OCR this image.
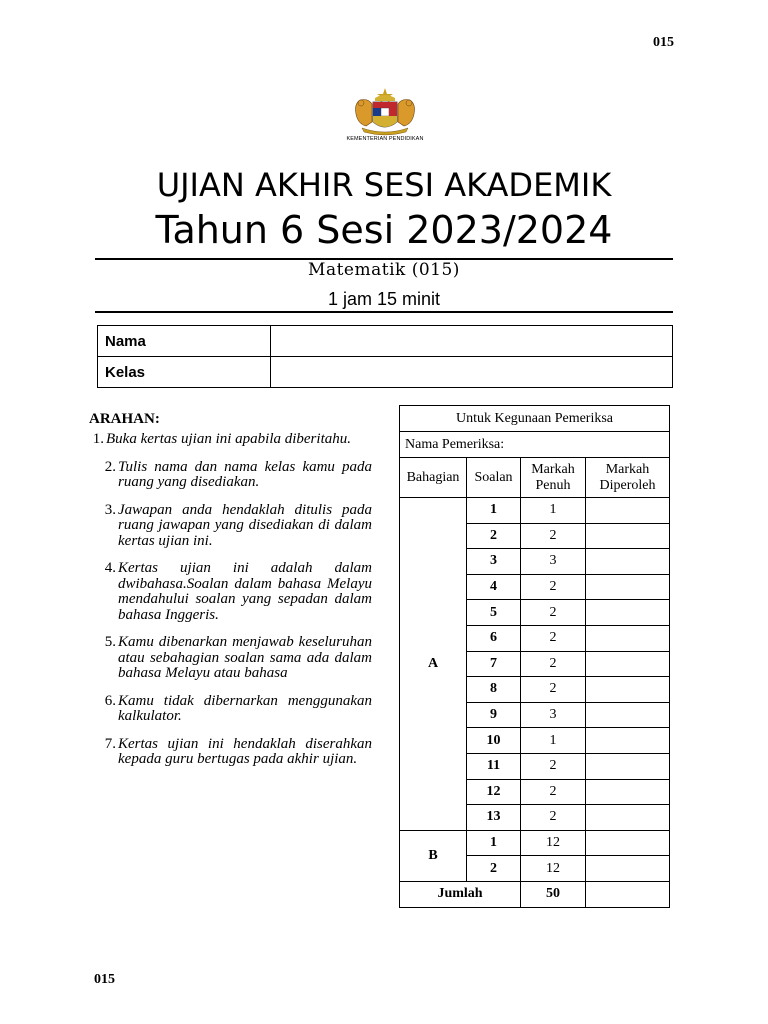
015
KEMENTERIAN PENDIDIKAN
UJIAN AKHIR SESI AKADEMIK
Tahun 6 Sesi 2023/2024
Matematik (015)
1 jam 15 minit
Nama	
Kelas	
ARAHAN:
1. Buka kertas ujian ini apabila diberitahu.
2. Tulis nama dan nama kelas kamu pada ruang yang disediakan.
3. Jawapan anda hendaklah ditulis pada ruang jawapan yang disediakan di dalam kertas ujian ini.
4. Kertas ujian ini adalah dalam dwibahasa.Soalan dalam bahasa Melayu mendahului soalan yang sepadan dalam bahasa Inggeris.
5. Kamu dibenarkan menjawab keseluruhan atau sebahagian soalan sama ada dalam bahasa Melayu atau bahasa
6. Kamu tidak dibernarkan menggunakan kalkulator.
7. Kertas ujian ini hendaklah diserahkan kepada guru bertugas pada akhir ujian.
Untuk Kegunaan Pemeriksa			
Nama Pemeriksa:			
Bahagian	Soalan	Markah Penuh	Markah Diperoleh
A	1	1	
	2	2	
	3	3	
	4	2	
	5	2	
	6	2	
	7	2	
	8	2	
	9	3	
	10	1	
	11	2	
	12	2	
	13	2	
B	1	12	
	2	12	
Jumlah		50	
015
